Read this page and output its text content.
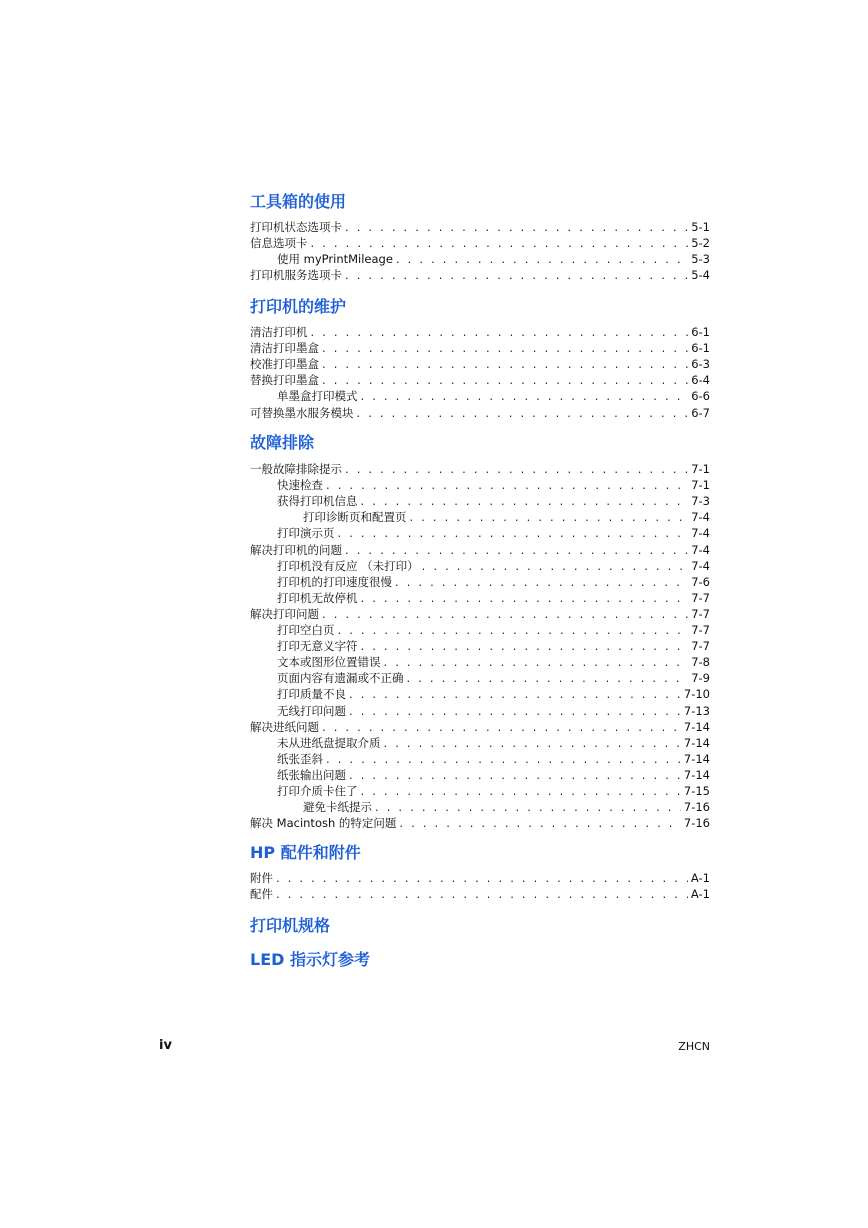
工具箱的使用
打印机状态选项卡 . . .	5-1
信息选项卡 . . .	5-2
使用 myPrintMileage . . .	5-3
打印机服务选项卡 . . .	5-4
打印机的维护
清洁打印机 . . .	6-1
清洁打印墨盒 . . .	6-1
校准打印墨盒 . . .	6-3
替换打印墨盒 . . .	6-4
单墨盒打印模式 . . .	6-6
可替换墨水服务模块 . . .	6-7
故障排除
一般故障排除提示 . . .	7-1
快速检查 . . .	7-1
获得打印机信息 . . .	7-3
打印诊断页和配置页 . . .	7-4
打印演示页 . . .	7-4
解决打印机的问题 . . .	7-4
打印机没有反应 （未打印） . . .	7-4
打印机的打印速度很慢 . . .	7-6
打印机无故停机 . . .	7-7
解决打印问题 . . .	7-7
打印空白页 . . .	7-7
打印无意义字符 . . .	7-7
文本或图形位置错误 . . .	7-8
页面内容有遗漏或不正确 . . .	7-9
打印质量不良 . . .	7-10
无线打印问题 . . .	7-13
解决进纸问题 . . .	7-14
未从进纸盘提取介质 . . .	7-14
纸张歪斜 . . .	7-14
纸张输出问题 . . .	7-14
打印介质卡住了 . . .	7-15
避免卡纸提示 . . .	7-16
解决 Macintosh 的特定问题 . . .	7-16
HP 配件和附件
附件 . . .	A-1
配件 . . .	A-1
打印机规格
LED 指示灯参考
iv	ZHCN
